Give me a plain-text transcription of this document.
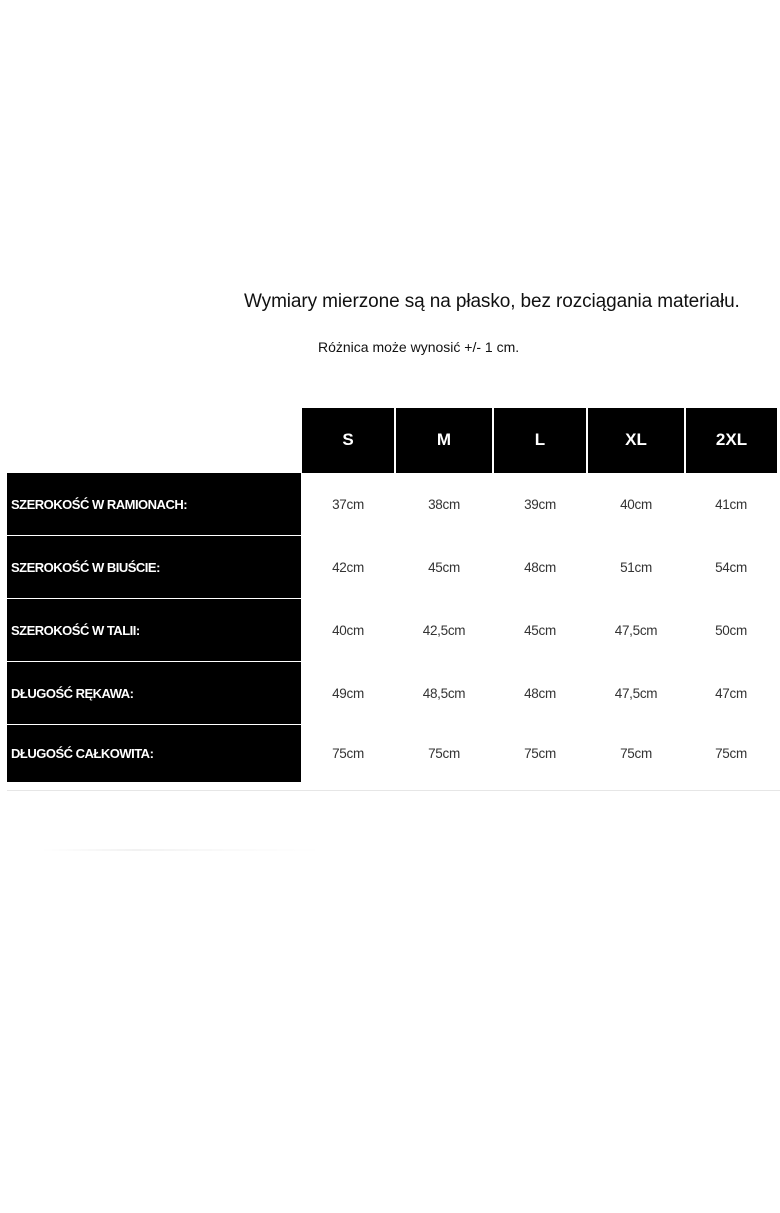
Wymiary mierzone są na płasko, bez rozciągania materiału.
Różnica może wynosić +/- 1 cm.
	S	M	L	XL	2XL
SZEROKOŚĆ W RAMIONACH:	37cm	38cm	39cm	40cm	41cm
SZEROKOŚĆ W BIUŚCIE:	42cm	45cm	48cm	51cm	54cm
SZEROKOŚĆ W TALII:	40cm	42,5cm	45cm	47,5cm	50cm
DŁUGOŚĆ RĘKAWA:	49cm	48,5cm	48cm	47,5cm	47cm
DŁUGOŚĆ CAŁKOWITA:	75cm	75cm	75cm	75cm	75cm
